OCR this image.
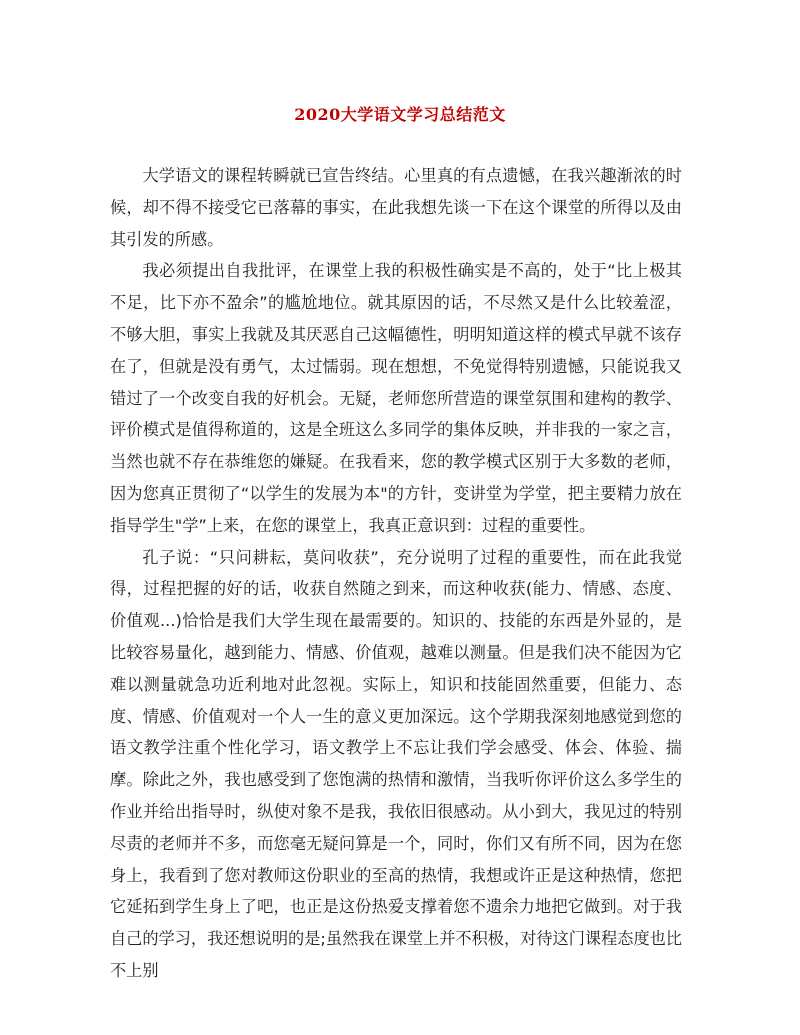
2020大学语文学习总结范文

大学语文的课程转瞬就已宣告终结。心里真的有点遗憾，在我兴趣渐浓的时候，却不得不接受它已落幕的事实，在此我想先谈一下在这个课堂的所得以及由其引发的所感。

我必须提出自我批评，在课堂上我的积极性确实是不高的，处于“比上极其不足，比下亦不盈余”的尴尬地位。就其原因的话，不尽然又是什么比较羞涩，不够大胆，事实上我就及其厌恶自己这幅德性，明明知道这样的模式早就不该存在了，但就是没有勇气，太过懦弱。现在想想，不免觉得特别遗憾，只能说我又错过了一个改变自我的好机会。无疑，老师您所营造的课堂氛围和建构的教学、评价模式是值得称道的，这是全班这么多同学的集体反映，并非我的一家之言，当然也就不存在恭维您的嫌疑。在我看来，您的教学模式区别于大多数的老师，因为您真正贯彻了“以学生的发展为本"的方针，变讲堂为学堂，把主要精力放在指导学生"学”上来，在您的课堂上，我真正意识到：过程的重要性。

孔子说：“只问耕耘，莫问收获”，充分说明了过程的重要性，而在此我觉得，过程把握的好的话，收获自然随之到来，而这种收获(能力、情感、态度、价值观...)恰恰是我们大学生现在最需要的。知识的、技能的东西是外显的，是比较容易量化，越到能力、情感、价值观，越难以测量。但是我们决不能因为它难以测量就急功近利地对此忽视。实际上，知识和技能固然重要，但能力、态度、情感、价值观对一个人一生的意义更加深远。这个学期我深刻地感觉到您的语文教学注重个性化学习，语文教学上不忘让我们学会感受、体会、体验、揣摩。除此之外，我也感受到了您饱满的热情和激情，当我听你评价这么多学生的作业并给出指导时，纵使对象不是我，我依旧很感动。从小到大，我见过的特别尽责的老师并不多，而您毫无疑问算是一个，同时，你们又有所不同，因为在您身上，我看到了您对教师这份职业的至高的热情，我想或许正是这种热情，您把它延拓到学生身上了吧，也正是这份热爱支撑着您不遗余力地把它做到。对于我自己的学习，我还想说明的是;虽然我在课堂上并不积极，对待这门课程态度也比不上别
